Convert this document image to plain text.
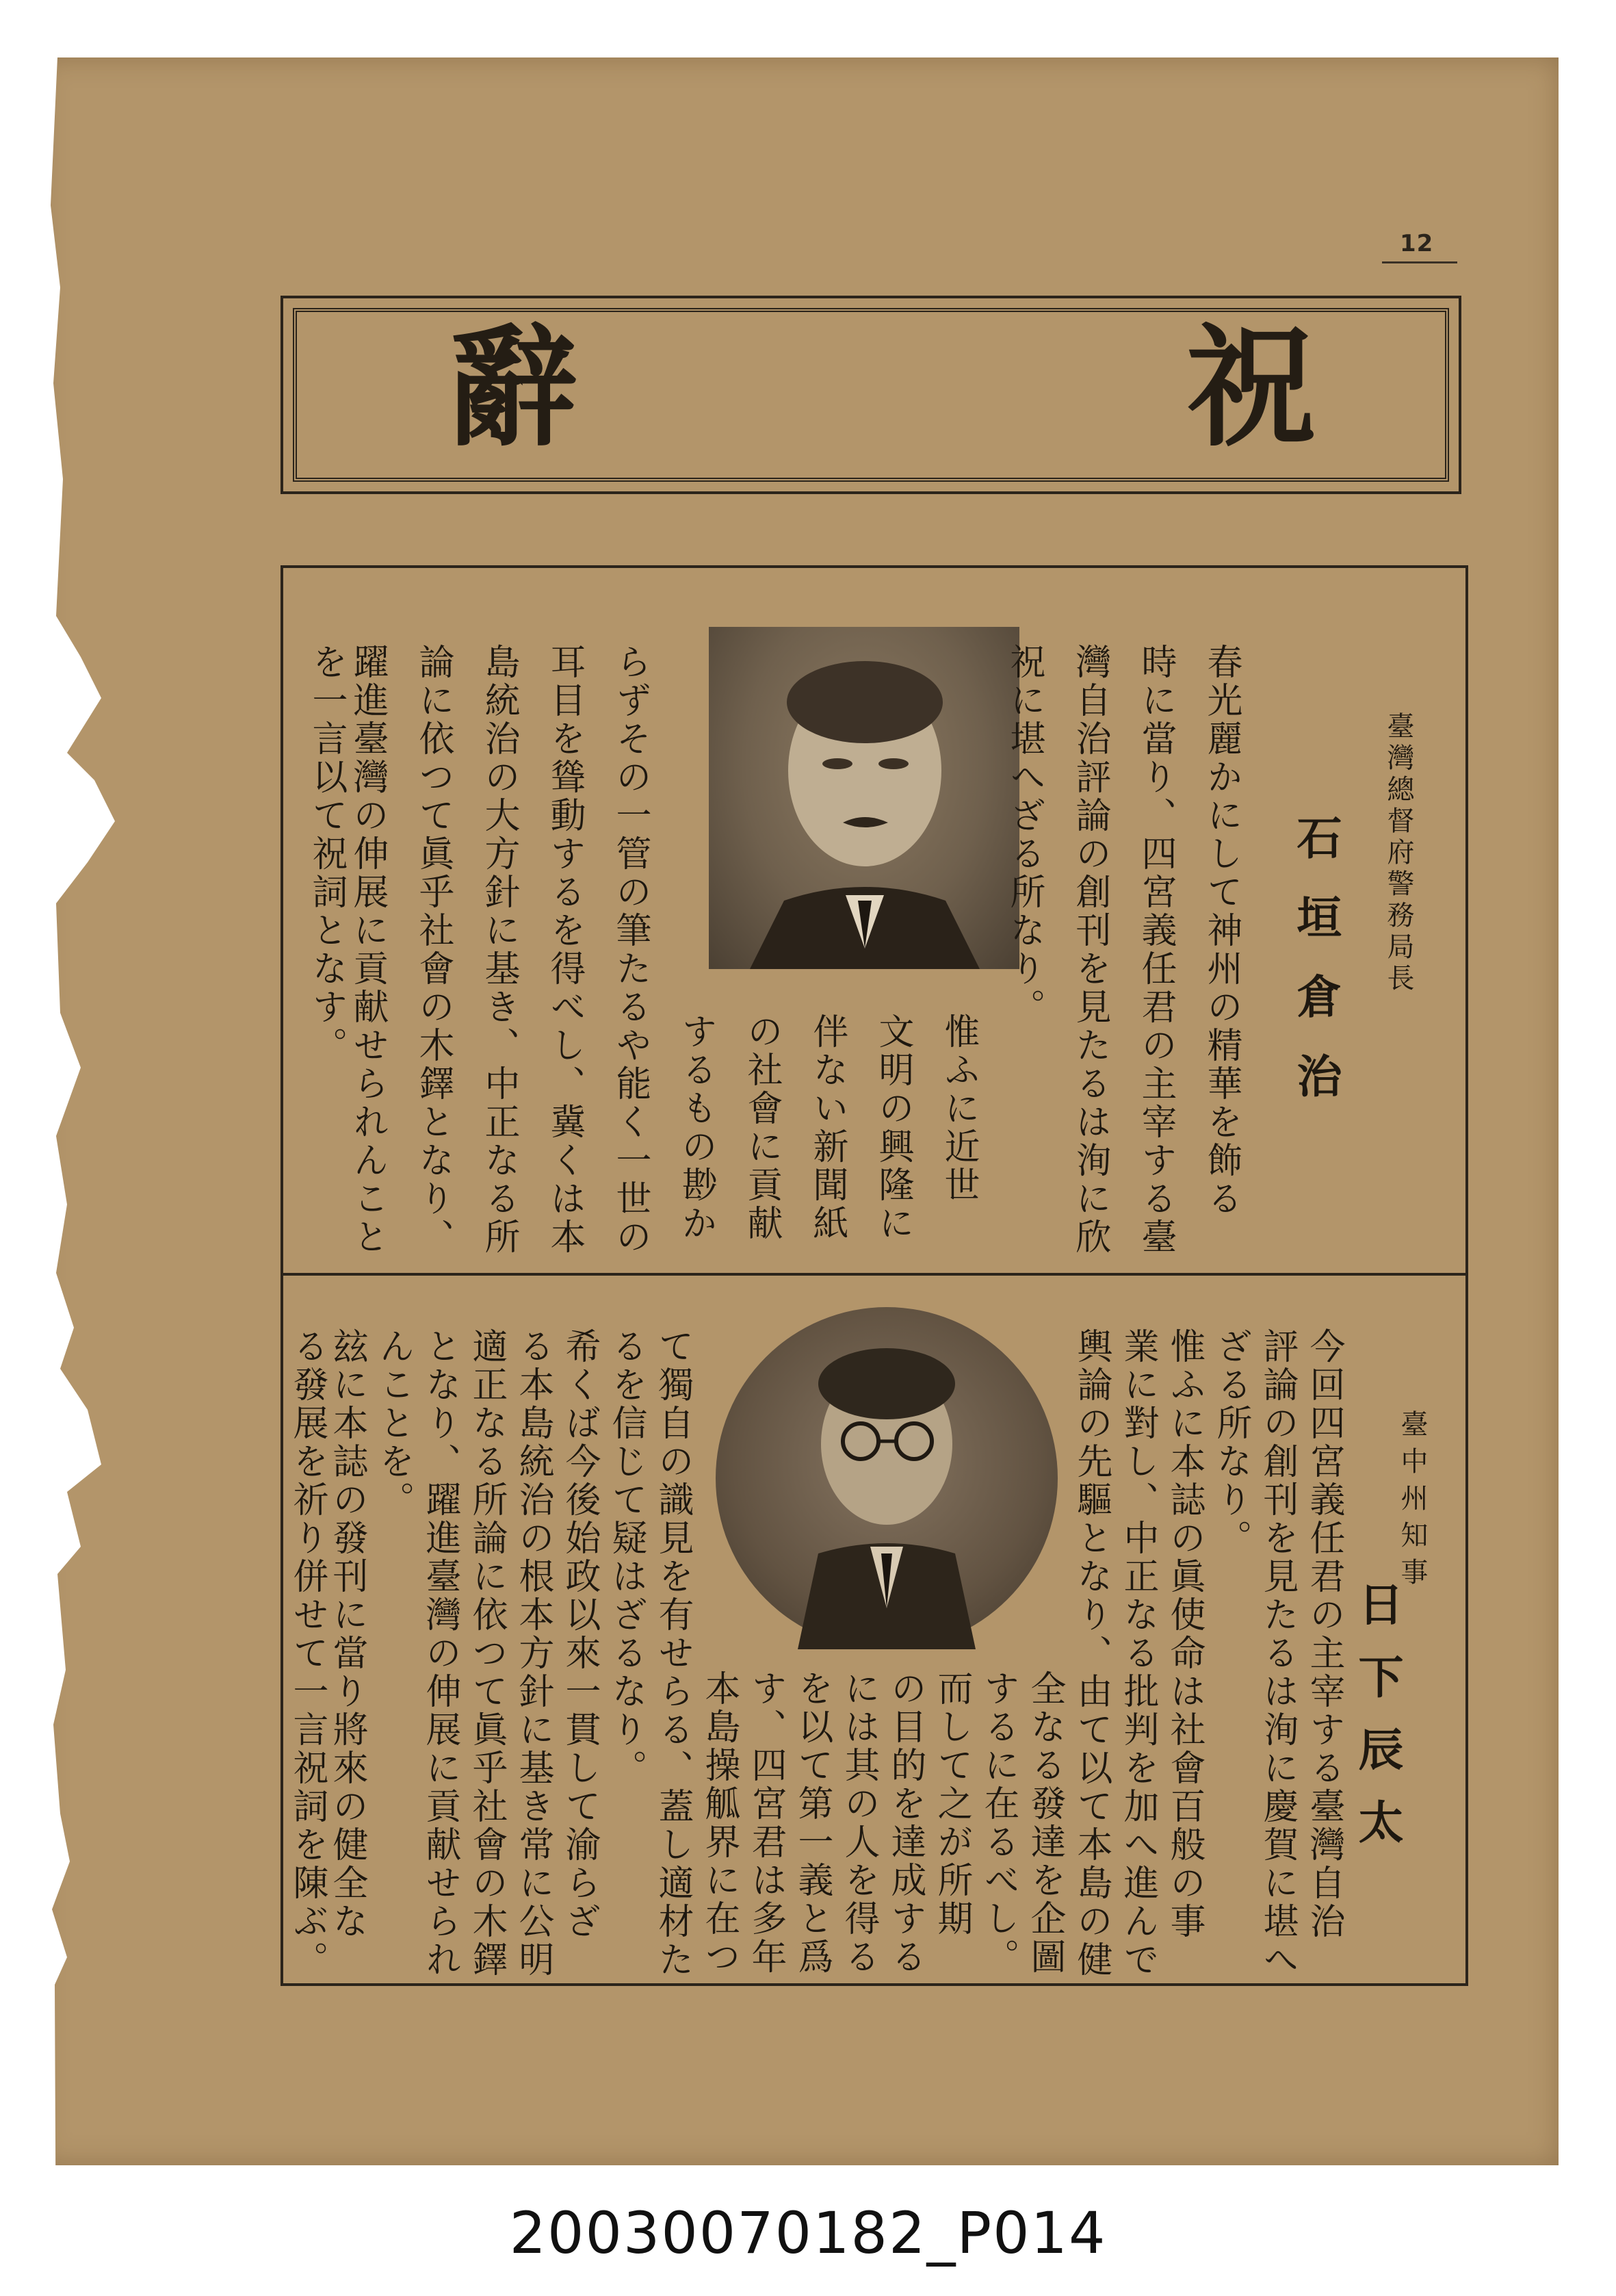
12
祝
辭
臺灣總督府警務局長
石垣倉治
春光麗かにして神州の精華を飾る
時に當り、四宮義任君の主宰する臺
灣自治評論の創刊を見たるは洵に欣
祝に堪へざる所なり。
惟ふに近世
文明の興隆に
伴ない新聞紙
の社會に貢献
するもの尠か
らずその一管の筆たるや能く一世の
耳目を聳動するを得べし、冀くは本
島統治の大方針に基き、中正なる所
論に依つて眞乎社會の木鐸となり、
躍進臺灣の伸展に貢献せられんこと
を一言以て祝詞となす。
臺中州知事
日下辰太
今回四宮義任君の主宰する臺灣自治
評論の創刊を見たるは洵に慶賀に堪へ
ざる所なり。
惟ふに本誌の眞使命は社會百般の事
業に對し、中正なる批判を加へ進んで
輿論の先驅となり、由て以て本島の健
全なる發達を企圖
するに在るべし。
而して之が所期
の目的を達成する
には其の人を得る
を以て第一義と爲
す、四宮君は多年
本島操觚界に在つ
て獨自の識見を有せらる、蓋し適材た
るを信じて疑はざるなり。
希くば今後始政以來一貫して渝らざ
る本島統治の根本方針に基き常に公明
適正なる所論に依つて眞乎社會の木鐸
となり、躍進臺灣の伸展に貢献せられ
んことを。
玆に本誌の發刊に當り將來の健全な
る發展を祈り併せて一言祝詞を陳ぶ。
20030070182_P014
